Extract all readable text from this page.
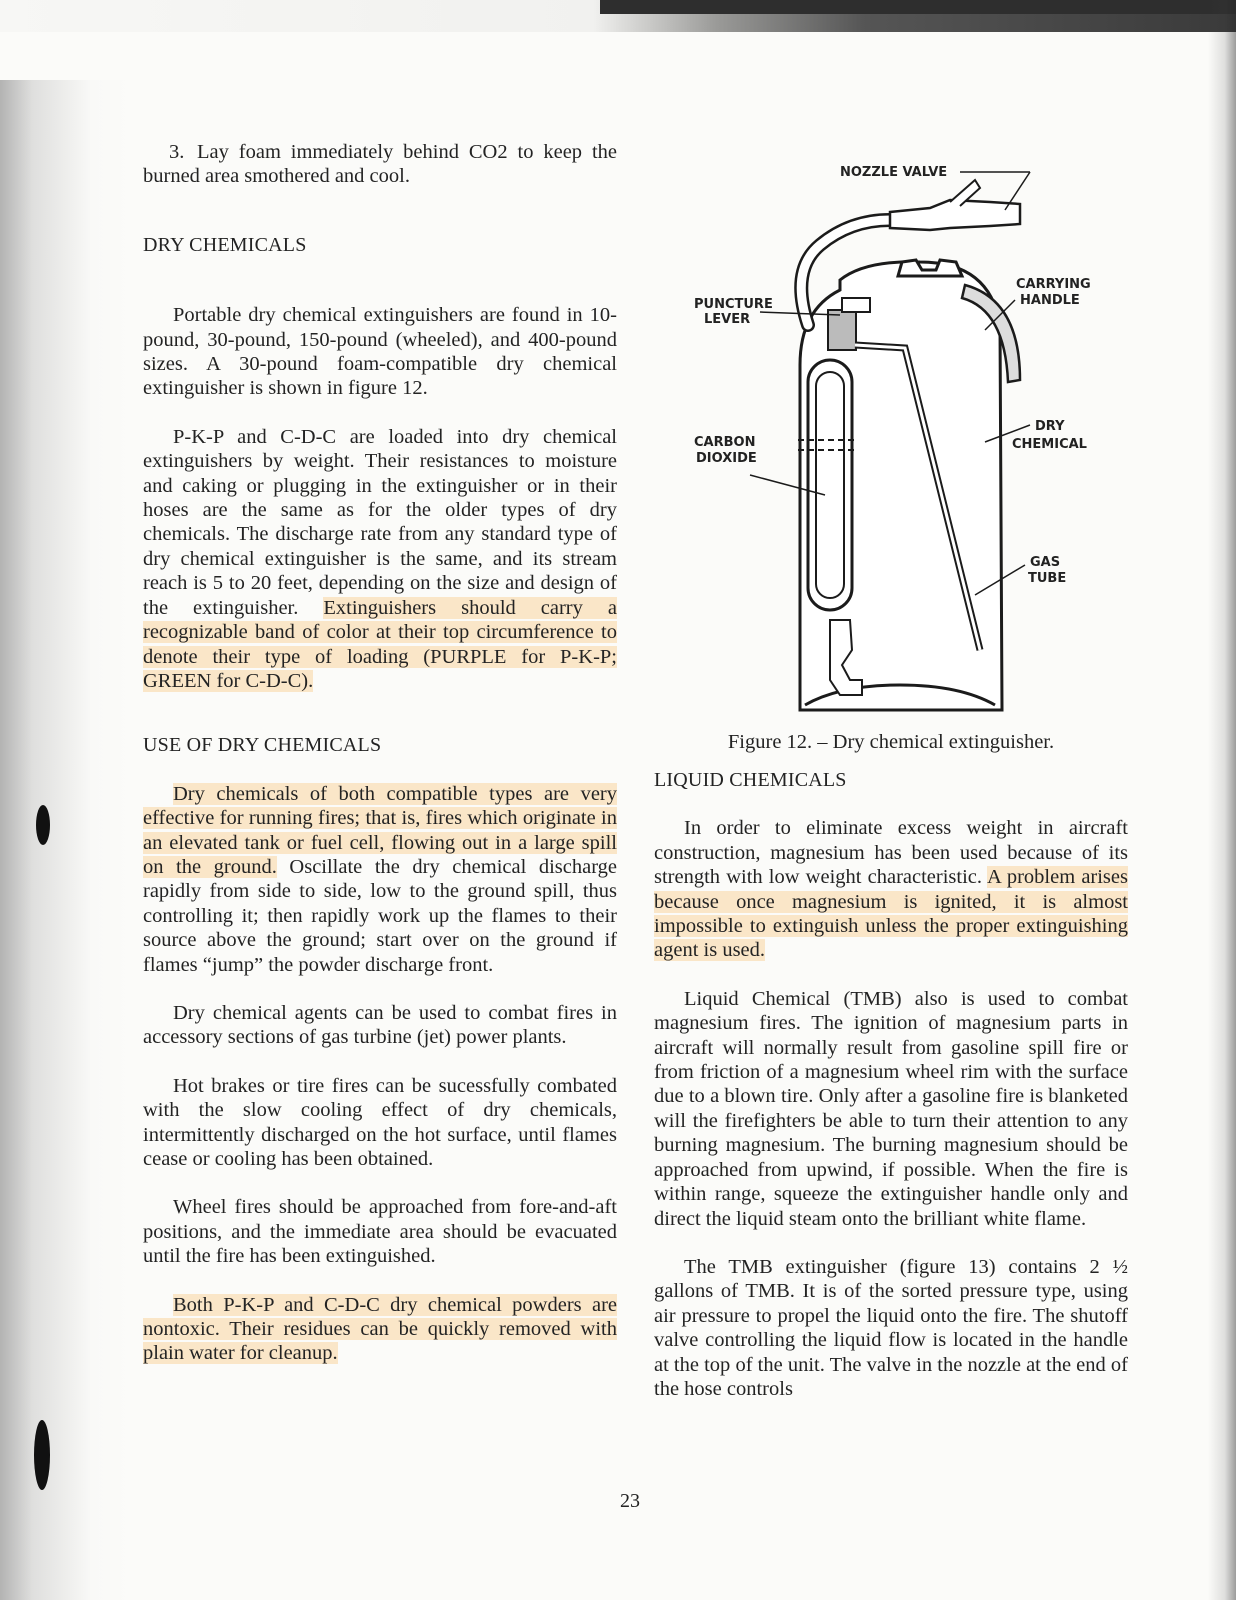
3. Lay foam immediately behind CO2 to keep the burned area smothered and cool.

DRY CHEMICALS

Portable dry chemical extinguishers are found in 10-pound, 30-pound, 150-pound (wheeled), and 400-pound sizes. A 30-pound foam-compatible dry chemical extinguisher is shown in figure 12.

P-K-P and C-D-C are loaded into dry chemical extinguishers by weight. Their resistances to moisture and caking or plugging in the extinguisher or in their hoses are the same as for the older types of dry chemicals. The discharge rate from any standard type of dry chemical extinguisher is the same, and its stream reach is 5 to 20 feet, depending on the size and design of the extinguisher. Extinguishers should carry a recognizable band of color at their top circumference to denote their type of loading (PURPLE for P-K-P; GREEN for C-D-C).

USE OF DRY CHEMICALS

Dry chemicals of both compatible types are very effective for running fires; that is, fires which originate in an elevated tank or fuel cell, flowing out in a large spill on the ground. Oscillate the dry chemical discharge rapidly from side to side, low to the ground spill, thus controlling it; then rapidly work up the flames to their source above the ground; start over on the ground if flames “jump” the powder discharge front.

Dry chemical agents can be used to combat fires in accessory sections of gas turbine (jet) power plants.

Hot brakes or tire fires can be sucessfully combated with the slow cooling effect of dry chemicals, intermittently discharged on the hot surface, until flames cease or cooling has been obtained.

Wheel fires should be approached from fore-and-aft positions, and the immediate area should be evacuated until the fire has been extinguished.

Both P-K-P and C-D-C dry chemical powders are nontoxic. Their residues can be quickly removed with plain water for cleanup.

NOZZLE VALVE
PUNCTURE
LEVER
CARRYING
HANDLE
CARBON
DIOXIDE
DRY
CHEMICAL
GAS
TUBE
Figure 12. – Dry chemical extinguisher.

LIQUID CHEMICALS

In order to eliminate excess weight in aircraft construction, magnesium has been used because of its strength with low weight characteristic. A problem arises because once magnesium is ignited, it is almost impossible to extinguish unless the proper extinguishing agent is used.

Liquid Chemical (TMB) also is used to combat magnesium fires. The ignition of magnesium parts in aircraft will normally result from gasoline spill fire or from friction of a magnesium wheel rim with the surface due to a blown tire. Only after a gasoline fire is blanketed will the firefighters be able to turn their attention to any burning magnesium. The burning magnesium should be approached from upwind, if possible. When the fire is within range, squeeze the extinguisher handle only and direct the liquid steam onto the brilliant white flame.

The TMB extinguisher (figure 13) contains 2 ½ gallons of TMB. It is of the sorted pressure type, using air pressure to propel the liquid onto the fire. The shutoff valve controlling the liquid flow is located in the handle at the top of the unit. The valve in the nozzle at the end of the hose controls

23
